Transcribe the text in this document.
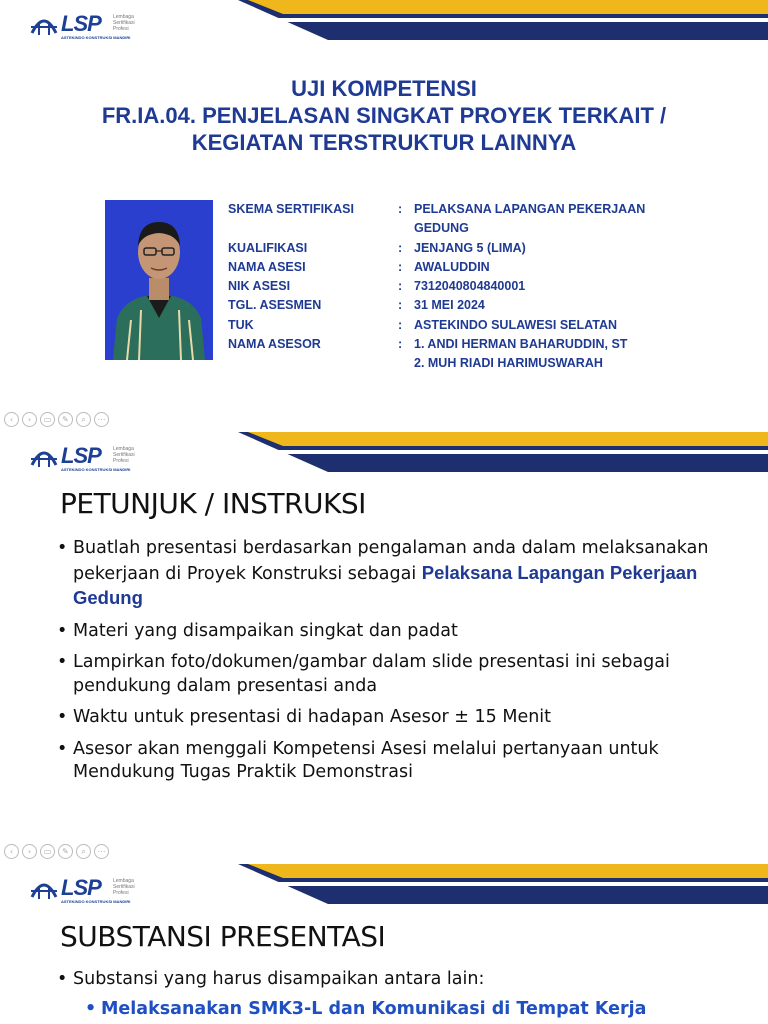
LSP Lembaga
Sertifikasi
Profesi
ASTEKINDO KONSTRUKSI MANDIRI
UJI KOMPETENSI
FR.IA.04. PENJELASAN SINGKAT PROYEK TERKAIT /
KEGIATAN TERSTRUKTUR LAINNYA
SKEMA SERTIFIKASI	: PELAKSANA LAPANGAN PEKERJAAN
GEDUNG
KUALIFIKASI	: JENJANG 5 (LIMA)
NAMA ASESI	: AWALUDDIN
NIK ASESI	: 7312040804840001
TGL. ASESMEN	: 31 MEI 2024
TUK	: ASTEKINDO SULAWESI SELATAN
NAMA ASESOR	: 1. ANDI HERMAN BAHARUDDIN, ST
2. MUH RIADI HARIMUSWARAH
‹	›	▭	✎	⌕	⋯
LSP Lembaga
Sertifikasi
Profesi
ASTEKINDO KONSTRUKSI MANDIRI
PETUNJUK / INSTRUKSI
• Buatlah presentasi berdasarkan pengalaman anda dalam melaksanakan pekerjaan di Proyek Konstruksi sebagai Pelaksana Lapangan Pekerjaan Gedung
• Materi yang disampaikan singkat dan padat
• Lampirkan foto/dokumen/gambar dalam slide presentasi ini sebagai pendukung dalam presentasi anda
• Waktu untuk presentasi di hadapan Asesor ± 15 Menit
• Asesor akan menggali Kompetensi Asesi melalui pertanyaan untuk Mendukung Tugas Praktik Demonstrasi
‹	›	▭	✎	⌕	⋯
LSP Lembaga
Sertifikasi
Profesi
ASTEKINDO KONSTRUKSI MANDIRI
SUBSTANSI PRESENTASI
• Substansi yang harus disampaikan antara lain:
• Melaksanakan SMK3-L dan Komunikasi di Tempat Kerja
